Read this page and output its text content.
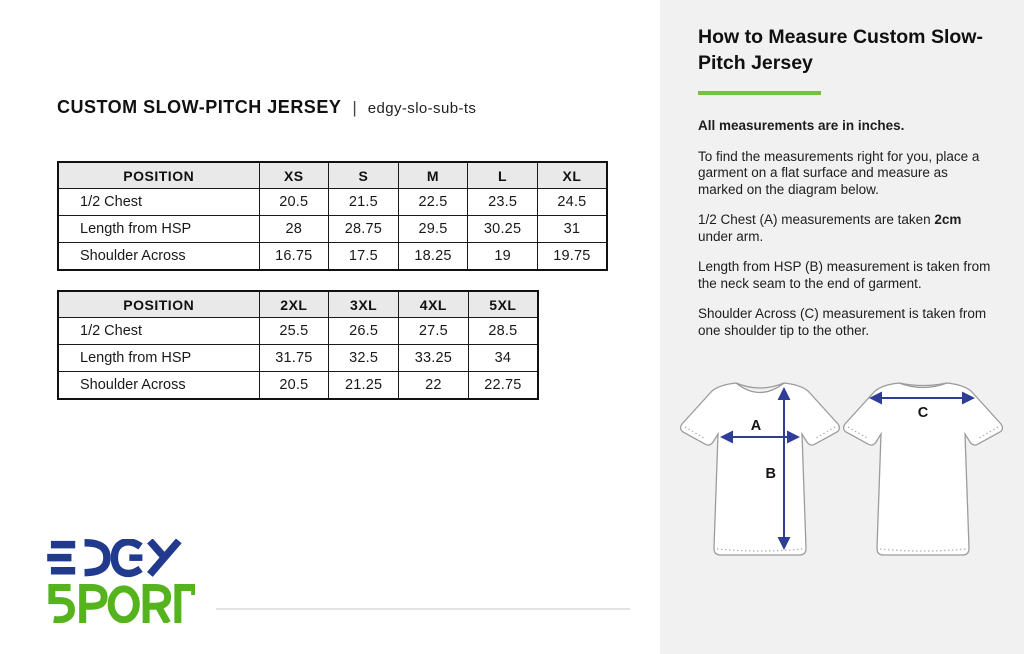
CUSTOM SLOW-PITCH JERSEY | edgy-slo-sub-ts
POSITION	XS	S	M	L	XL
1/2 Chest	20.5	21.5	22.5	23.5	24.5
Length from HSP	28	28.75	29.5	30.25	31
Shoulder Across	16.75	17.5	18.25	19	19.75
POSITION	2XL	3XL	4XL	5XL
1/2 Chest	25.5	26.5	27.5	28.5
Length from HSP	31.75	32.5	33.25	34
Shoulder Across	20.5	21.25	22	22.75
How to Measure Custom Slow-Pitch Jersey

All measurements are in inches.

To find the measurements right for you, place a garment on a flat surface and measure as marked on the diagram below.

1/2 Chest (A) measurements are taken 2cm under arm.

Length from HSP (B) measurement is taken from the neck seam to the end of garment.

Shoulder Across (C) measurement is taken from one shoulder tip to the other.

A
B
C
